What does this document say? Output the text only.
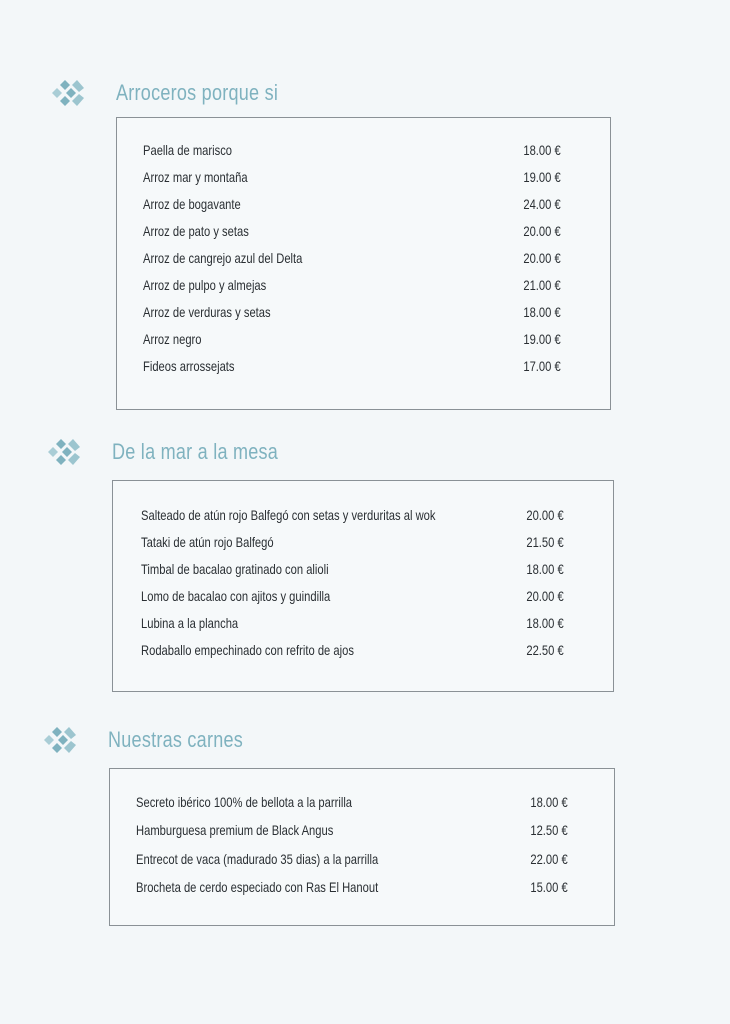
Arroceros porque si
Paella de marisco	18.00 €
Arroz mar y montaña	19.00 €
Arroz de bogavante	24.00 €
Arroz de pato y setas	20.00 €
Arroz de cangrejo azul del Delta	20.00 €
Arroz de pulpo y almejas	21.00 €
Arroz de verduras y setas	18.00 €
Arroz negro	19.00 €
Fideos arrossejats	17.00 €
De la mar a la mesa
Salteado de atún rojo Balfegó con setas y verduritas al wok	20.00 €
Tataki de atún rojo Balfegó	21.50 €
Timbal de bacalao gratinado con alioli	18.00 €
Lomo de bacalao con ajitos y guindilla	20.00 €
Lubina a la plancha	18.00 €
Rodaballo empechinado con refrito de ajos	22.50 €
Nuestras carnes
Secreto ibérico 100% de bellota a la parrilla	18.00 €
Hamburguesa premium de Black Angus	12.50 €
Entrecot de vaca (madurado 35 dias) a la parrilla	22.00 €
Brocheta de cerdo especiado con Ras El Hanout	15.00 €
